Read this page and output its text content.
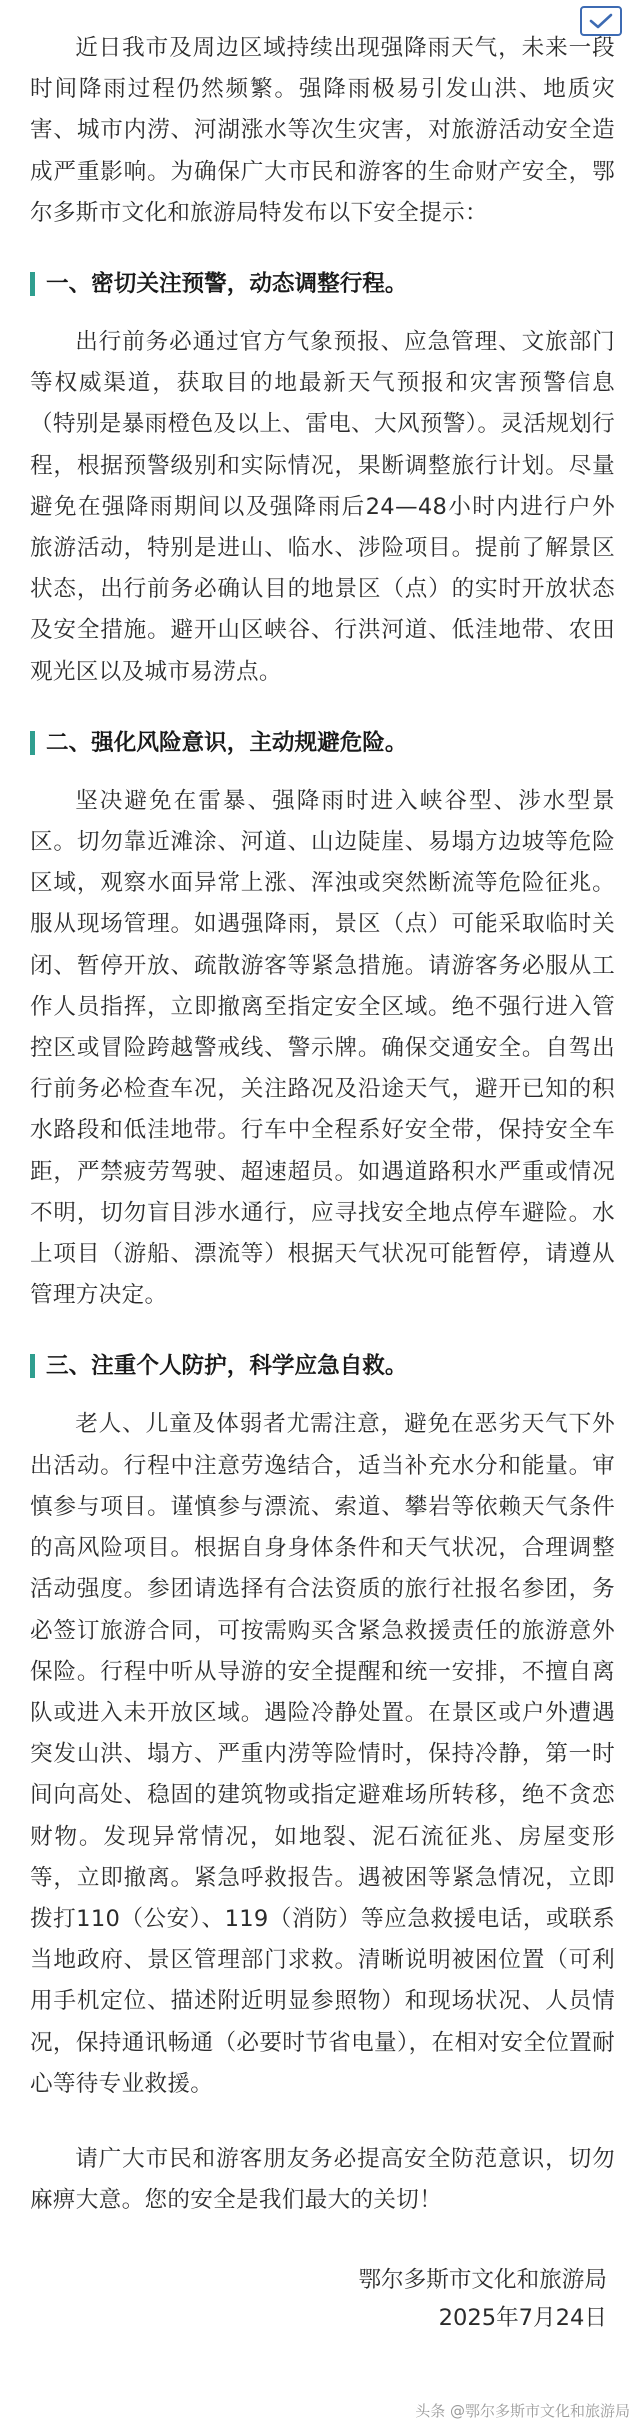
近日我市及周边区域持续出现强降雨天气，未来一段时间降雨过程仍然频繁。强降雨极易引发山洪、地质灾害、城市内涝、河湖涨水等次生灾害，对旅游活动安全造成严重影响。为确保广大市民和游客的生命财产安全，鄂尔多斯市文化和旅游局特发布以下安全提示：

一、密切关注预警，动态调整行程。

出行前务必通过官方气象预报、应急管理、文旅部门等权威渠道，获取目的地最新天气预报和灾害预警信息（特别是暴雨橙色及以上、雷电、大风预警）。灵活规划行程，根据预警级别和实际情况，果断调整旅行计划。尽量避免在强降雨期间以及强降雨后24—48小时内进行户外旅游活动，特别是进山、临水、涉险项目。提前了解景区状态，出行前务必确认目的地景区（点）的实时开放状态及安全措施。避开山区峡谷、行洪河道、低洼地带、农田观光区以及城市易涝点。

二、强化风险意识，主动规避危险。

坚决避免在雷暴、强降雨时进入峡谷型、涉水型景区。切勿靠近滩涂、河道、山边陡崖、易塌方边坡等危险区域，观察水面异常上涨、浑浊或突然断流等危险征兆。服从现场管理。如遇强降雨，景区（点）可能采取临时关闭、暂停开放、疏散游客等紧急措施。请游客务必服从工作人员指挥，立即撤离至指定安全区域。绝不强行进入管控区或冒险跨越警戒线、警示牌。确保交通安全。自驾出行前务必检查车况，关注路况及沿途天气，避开已知的积水路段和低洼地带。行车中全程系好安全带，保持安全车距，严禁疲劳驾驶、超速超员。如遇道路积水严重或情况不明，切勿盲目涉水通行，应寻找安全地点停车避险。水上项目（游船、漂流等）根据天气状况可能暂停，请遵从管理方决定。

三、注重个人防护，科学应急自救。

老人、儿童及体弱者尤需注意，避免在恶劣天气下外出活动。行程中注意劳逸结合，适当补充水分和能量。审慎参与项目。谨慎参与漂流、索道、攀岩等依赖天气条件的高风险项目。根据自身身体条件和天气状况，合理调整活动强度。参团请选择有合法资质的旅行社报名参团，务必签订旅游合同，可按需购买含紧急救援责任的旅游意外保险。行程中听从导游的安全提醒和统一安排，不擅自离队或进入未开放区域。遇险冷静处置。在景区或户外遭遇突发山洪、塌方、严重内涝等险情时，保持冷静，第一时间向高处、稳固的建筑物或指定避难场所转移，绝不贪恋财物。发现异常情况，如地裂、泥石流征兆、房屋变形等，立即撤离。紧急呼救报告。遇被困等紧急情况，立即拨打110（公安）、119（消防）等应急救援电话，或联系当地政府、景区管理部门求救。清晰说明被困位置（可利用手机定位、描述附近明显参照物）和现场状况、人员情况，保持通讯畅通（必要时节省电量），在相对安全位置耐心等待专业救援。

请广大市民和游客朋友务必提高安全防范意识，切勿麻痹大意。您的安全是我们最大的关切！

鄂尔多斯市文化和旅游局
2025年7月24日
头条 @鄂尔多斯市文化和旅游局
